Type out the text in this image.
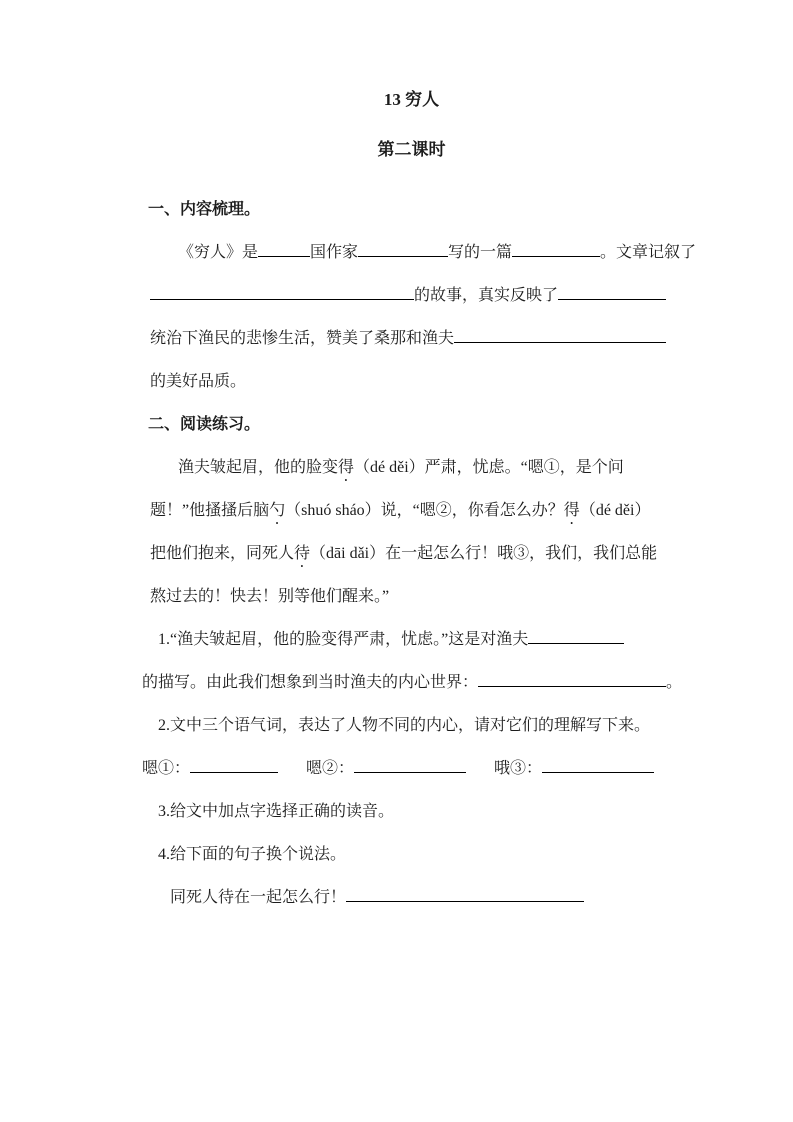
13 穷人
第二课时
一、内容梳理。
《穷人》是	国作家	写的一篇	。文章记叙了
的故事，真实反映了
统治下渔民的悲惨生活，赞美了桑那和渔夫
的美好品质。
二、阅读练习。
渔夫皱起眉，他的脸变得（dé děi）严肃，忧虑。“嗯①，是个问
题！”他搔搔后脑勺（shuó sháo）说，“嗯②，你看怎么办？得（dé děi）
把他们抱来，同死人待（dāi dǎi）在一起怎么行！哦③，我们，我们总能
熬过去的！快去！别等他们醒来。”
1.“渔夫皱起眉，他的脸变得严肃，忧虑。”这是对渔夫
的描写。由此我们想象到当时渔夫的内心世界：	。
2.文中三个语气词，表达了人物不同的内心，请对它们的理解写下来。
嗯①：	嗯②：	哦③：
3.给文中加点字选择正确的读音。
4.给下面的句子换个说法。
同死人待在一起怎么行！
